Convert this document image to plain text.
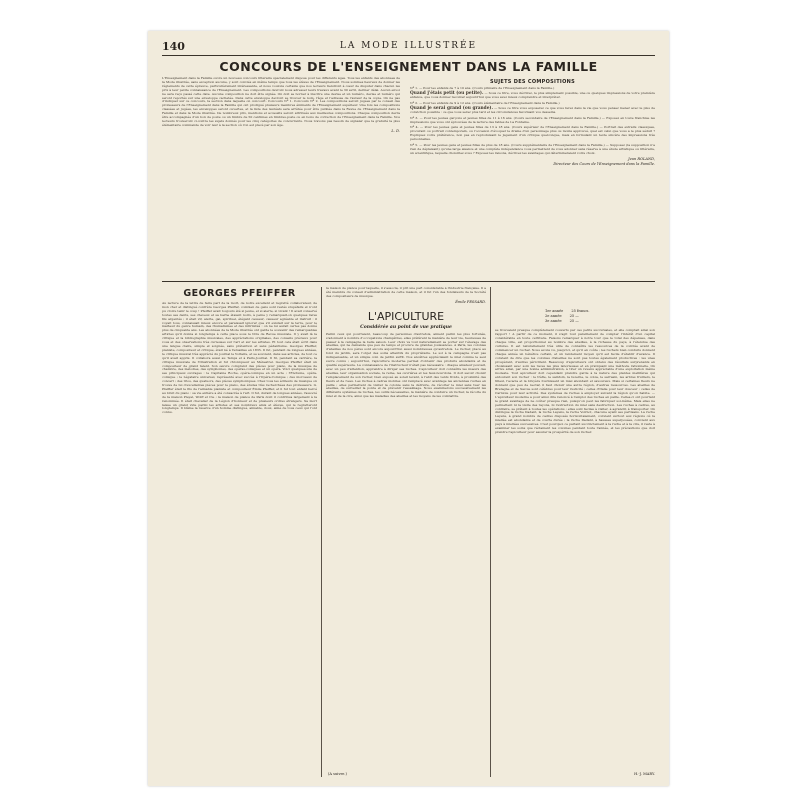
140	LA MODE ILLUSTRÉE
CONCOURS DE L'ENSEIGNEMENT DANS LA FAMILLE
L'Enseignement dans la Famille ouvre un nouveau concours littéraire spécialement disposé pour les différents âges. Tous les enfants des abonnées de la Mode illustrée, sans exception aucune, y sont conviés en même temps que tous les élèves de l'Enseignement. Nous sommes heureux de donner les règlements de cette épreuve, particulièrement intéressante, et nous voulons certains que nos lecteurs tiendront à cœur de disputer dans chacun les prix à leur petite connaissance de l'Enseignement. Les compositions devront nous adresser leurs travaux avant le 30 avril, dernier délai. Aucun envoi ne sera reçu passé cette date. Aucune composition ne doit être signée. On doit se borner à inscrire une devise et un numéro, devise et numéro qui seront reportés sur une enveloppe cachetée. Dans cette enveloppe devront se trouver le nom, l'âge et l'adresse de l'auteur de la copie. On ne pas d'indiquer sur ce concours, la section dans laquelle on concourt. Concours Nº 1. Concours Nº 2. Les compositions seront jugées par le conseil des professeurs de l'Enseignement dans la Famille qui ont prodigué plusieurs membres éminents de l'Enseignement supérieur. Une fois les compositions classées et jugées, les enveloppes seront ouvertes, et la liste des lauréats sera arrêtée pour être publiée dans la Revue de l'Enseignement dans la Famille et dans la Mode illustrée. De nombreux prix, mentions et accessits seront attribués aux meilleures compositions. Chaque composition devra être accompagnée d'un bon de poste ou un timbre de 50 centimes en timbres-poste ou en bons de correction de l'Enseignement dans la Famille. Nos lecteurs trouveront ci-contre les sujets donnés pour les cinq catégories de concurrents. Nous n'avons pas besoin de signaler que la gratuité la plus élémentaire commande de voir leur à la section où l'on est placé par son âge.
L. D.
SUJETS DES COMPOSITIONS
Nº 1. — Pour les enfants de 7 à 10 ans. (Cours primaire de l'Enseignement dans la Famille.)
Quand j'étais petit (ou petite). — Sous ce titre, vous décrirez, le plus simplement possible, une ou quelques impressions de votre première enfance, que vous donnez raconter aujourd'hui que vous avez mieux comprendre et interpréter.
Nº 2. — Pour les enfants de 9 à 12 ans. (Cours élémentaire de l'Enseignement dans la Famille.)
Quand je serai grand (ou grande). — Sous ce titre vous exposerez ce que vous ferez dans la vie que vous pensez mener avec le plus de conviction possible : ce que vous serez plus tard et les circonstances favorisant vos desseins.
Nº 3. — Pour les jeunes garçons et jeunes filles de 11 à 16 ans. (Cours secondaire de l'Enseignement dans la Famille.) — Exposez en toute franchise les impressions que vous ont éprouvées de la lecture des fables de La Fontaine.
Nº 4. — Pour les jeunes gens et jeunes filles de 13 à 18 ans. (Cours supérieur de l'Enseignement dans la Famille.) — Portrait des extraits classiques, procurant ou portrait contemporain, ou l'occasion d'évoquer le drame d'un personnage plus ou moins approuvé, quel est celui que vous a le plus séduit ? Expliquez votre préférence, non pas en reproduisant le jugement d'un critique quelconque, mais en formulant un texte sincère des impressions très personnelles.
Nº 5. — Pour les jeunes gens et jeunes filles de plus de 18 ans. (Cours supplémentaire de l'Enseignement dans la Famille.) — Supposez (la supposition n'a rien de déplaisant) qu'une large aisance et une complète indépendance vous permettent de vous adonner sans réserve à une étude artistique ou littéraire, un scientifique, laquelle choisiriez-vous ? Exposez les raisons, décrivez les avantages qui détermineraient votre choix.
Jean ROLAND,
Directeur des Cours de l'Enseignement dans la Famille.
GEORGES PFEIFFER
Au lecture de la lettre de faire part de la mort, de notre excellent et regretté collaborateur, de mon cher et distingué confrère Georges Pfeiffer, combien de gens sont restés stupéfaits et n'ont pu croire tenir le coup ! Pfeiffer avait toujours été si jeune, et si alerte, si vivant ! Il avait conservé toutes ses dents, ses cheveux et sa barbe étaient noirs, à peine y remarquait-on quelques rares fils argentés ; il était vif, alerte, gai, spirituel, élégant causeur, causeur agréable et instruit : il voyait tous, connaissait mieux encore et paraissait ignorer que s'il existait sur la terre, pour le malheur du genre humain, des rhumatismes et des infirmités : on ne lui aurait certes pas donné plus de cinquante ans. Les abonnées de la Mode illustrée ont garde le souvenir des remarquables articles qu'il donna si longtemps à cette place sous le titre de Revue musicale. Il y avait là la critique et la bibliographie musicales, des appréciations originales, des conseils précieux pour vous et des observations très curieuses sur l'art et sur les artistes. Et tout cela était écrit dans une langue claire, simple et soignée, sans prétention et sans pédantisme. Georges Pfeiffer, pianiste, compositeur et critique, était né à Versailles en 1835. Il fut, pendant de longues années, le critique musical très apprécié du journal le Voltaire, et se souvient, dans ses articles, de tout ce qu'il avait appris. Il collabora aussi au Temps et à Paris-Journal. Il fit, pendant sa carrière, la critique musicale de l'Illustration et fut chroniqueur au Ménestrel. Georges Pfeiffer était un compositeur de grand talent. Son œuvre comprend des pièces pour piano, de la musique de chambre, des mélodies, des symphonies, des opéras-comiques et un opéra. Voici quelques-uns de ses principaux ouvrages : le Capitaine Roche, opéra-comique en un acte ; l'Enclume, opéra-comique ; le Légataire universel, représenté avec succès à l'Opéra-Comique ; des morceaux de concert ; des trios, des quatuors, des pièces symphoniques. Chez tous les éditeurs de musique on trouve de lui d'excellentes pièces pour le piano, des études très recherchées des professeurs. G. Pfeiffer était le fils de l'aimable pianiste et compositeur Émile Pfeiffer, et il fut tout enfant bercé au bruit du piano : sa vie entière a été consacrée à l'art. Il fut, durant de longues années, l'associé de la maison Pleyel, Wolff et Cie ; la maison de pianos de Paris dont il contribua largement à la renommée. Il était chevalier de la Légion d'honneur et de plusieurs ordres étrangers. Sa mort laisse un grand vide parmi les artistes et ses nombreux amis et élèves, qui le regretteront longtemps. Il blâme la réserve d'un homme distingué, aimable, doux, aimé de tous ceux qui l'ont connu.
la maison de pianos pour laquelle, il s'associa, il prit une part considérable à l'industrie française. Il a été membre du conseil d'administration de cette maison, et il fut l'un des fondateurs de la Société des compositeurs de musique.
Émile PESSARD.
L'APICULTURE
Considérée au point de vue pratique
Parmi ceux qui pourraient, beaucoup de personnes d'autrefois, aiment parmi les plus fortunés, s'adonnent à nombre d'occupations champêtres, elles préfèrent la manière de leur vie, heureuses de passer à la campagne la belle saison. Leur choix va tout naturellement se porter sur l'élevage des abeilles, qui ne demande que peu de temps et procure de grandes jouissances. A Paris, les colonies d'abeilles de nos pères sont encore aujourd'hui aussi nombreuses qu'autrefois. Le rucher, placé au fond du jardin, sera l'objet des soins attentifs du propriétaire. Le sol à la campagne n'est pas indispensable, et un simple coin de jardin suffit. Nos ancêtres appréciaient le miel comme le seul sucre connu ; aujourd'hui, l'apiculture moderne permet d'obtenir des produits abondants et de qualité supérieure. La connaissance de l'instructeur n'était pas nécessaire : chaque amateur pouvait, avec un peu d'attention, apprendre à diriger ses ruches. L'apiculteur doit connaître les mœurs des abeilles, leur organisation sociale, la reine, les ouvrières et les faux-bourdons. Il doit savoir choisir l'emplacement de son rucher, bien exposé au soleil levant, à l'abri des vents froids, à proximité des fleurs et de l'eau. Les ruches à cadres mobiles ont remplacé avec avantage les anciennes ruches en paille ; elles permettent de visiter la colonie sans la détruire, de récolter le miel sans tuer les abeilles, de surveiller la ponte et de prévenir l'essaimage. Nous examinerons successivement les différents systèmes de ruches, les outils nécessaires, la manière de conduire un rucher, la récolte du miel et de la cire, ainsi que les maladies des abeilles et les moyens de les combattre.
1er année 25 francs.
2e année 25 —
3e année 25 —
se trouvaient presque complètement couverts par ces petits succursales, et elle comptait ainsi son rapport ! A partir de ce moment, il s'agit tout pareillement de compter l'intérêt d'un capital considérable en toute certitude. Faisons remarquer à notre tour que le total des dépenses, dans chaque ville, est proportionnel au nombre des abeilles, à la richesse du pays, à l'étendue des cultures. Il est naturellement très utile de connaître les ressources de la contrée avant de commencer un rucher. Nous avons vu, jusqu'ici, et qu'il en coûte ; les ruchers bien conduits donnent chaque année un bénéfice certain, et un rendement moyen qu'il est facile d'établir d'avance. Il convient de dire que les colonies d'abeilles ne sont pas toutes également productives : les unes prospèrent, d'autres périclitent. Beaucoup d'apiculteurs ont obtenu des résultats surprenants en choisissant avec soin les races les plus laborieuses et en pratiquant une méthode rationnelle. On arrive ainsi, par une bonne administration, à tirer un revenu appréciable d'une exploitation même modeste. Tout apiculteur doit cependant prendre garde à la nature des plantes mellifères qui entourent son rucher : le trèfle, le sainfoin, la luzerne, le colza, le sarrasin, les arbres fruitiers, le tilleul, l'acacia et la bruyère fournissent un miel abondant et savoureux. Mais si certaines fleurs ne donnent que peu de nectar, il faut choisir une autre région, d'autres ressources. Les abeilles de Bretagne et de Savoie sont célèbres pour leur rusticité ; celles d'Italie pour leur douceur ; celles de Carniole pour leur activité. Des systèmes de ruches à employer suivant la région qu'on habite. — L'apiculteur moderne a pour ainsi dire renoncé à l'emploi des ruches en paille. Celles-ci ont pourtant le grand avantage de ne coûter presque rien, puisqu'on peut les fabriquer soi-même. Mais elles ne permettent ni la visite des rayons, ni l'extraction du miel sans destruction. Les ruches à cadres, au contraire, se prêtent à toutes les opérations ; elles sont faciles à visiter, à agrandir, à transporter. On distingue la ruche Dadant, la ruche Layens, la ruche Voirnot, chacune ayant ses partisans. La ruche Layens, à grand nombre de cadres disposés horizontalement, convient surtout aux régions où la miellée est abondante et de courte durée ; la ruche Dadant, à hausses superposées, convient aux pays à miellées successives. C'est pourquoi ce parlant succinctement à la ruche et à la cire, il reste à examiner les soins que réclament les colonies pendant toute l'année, et les précautions que doit prendre l'apiculteur pour assurer la prospérité de son rucher.
(A suivre.)	H.-J. MARY.
